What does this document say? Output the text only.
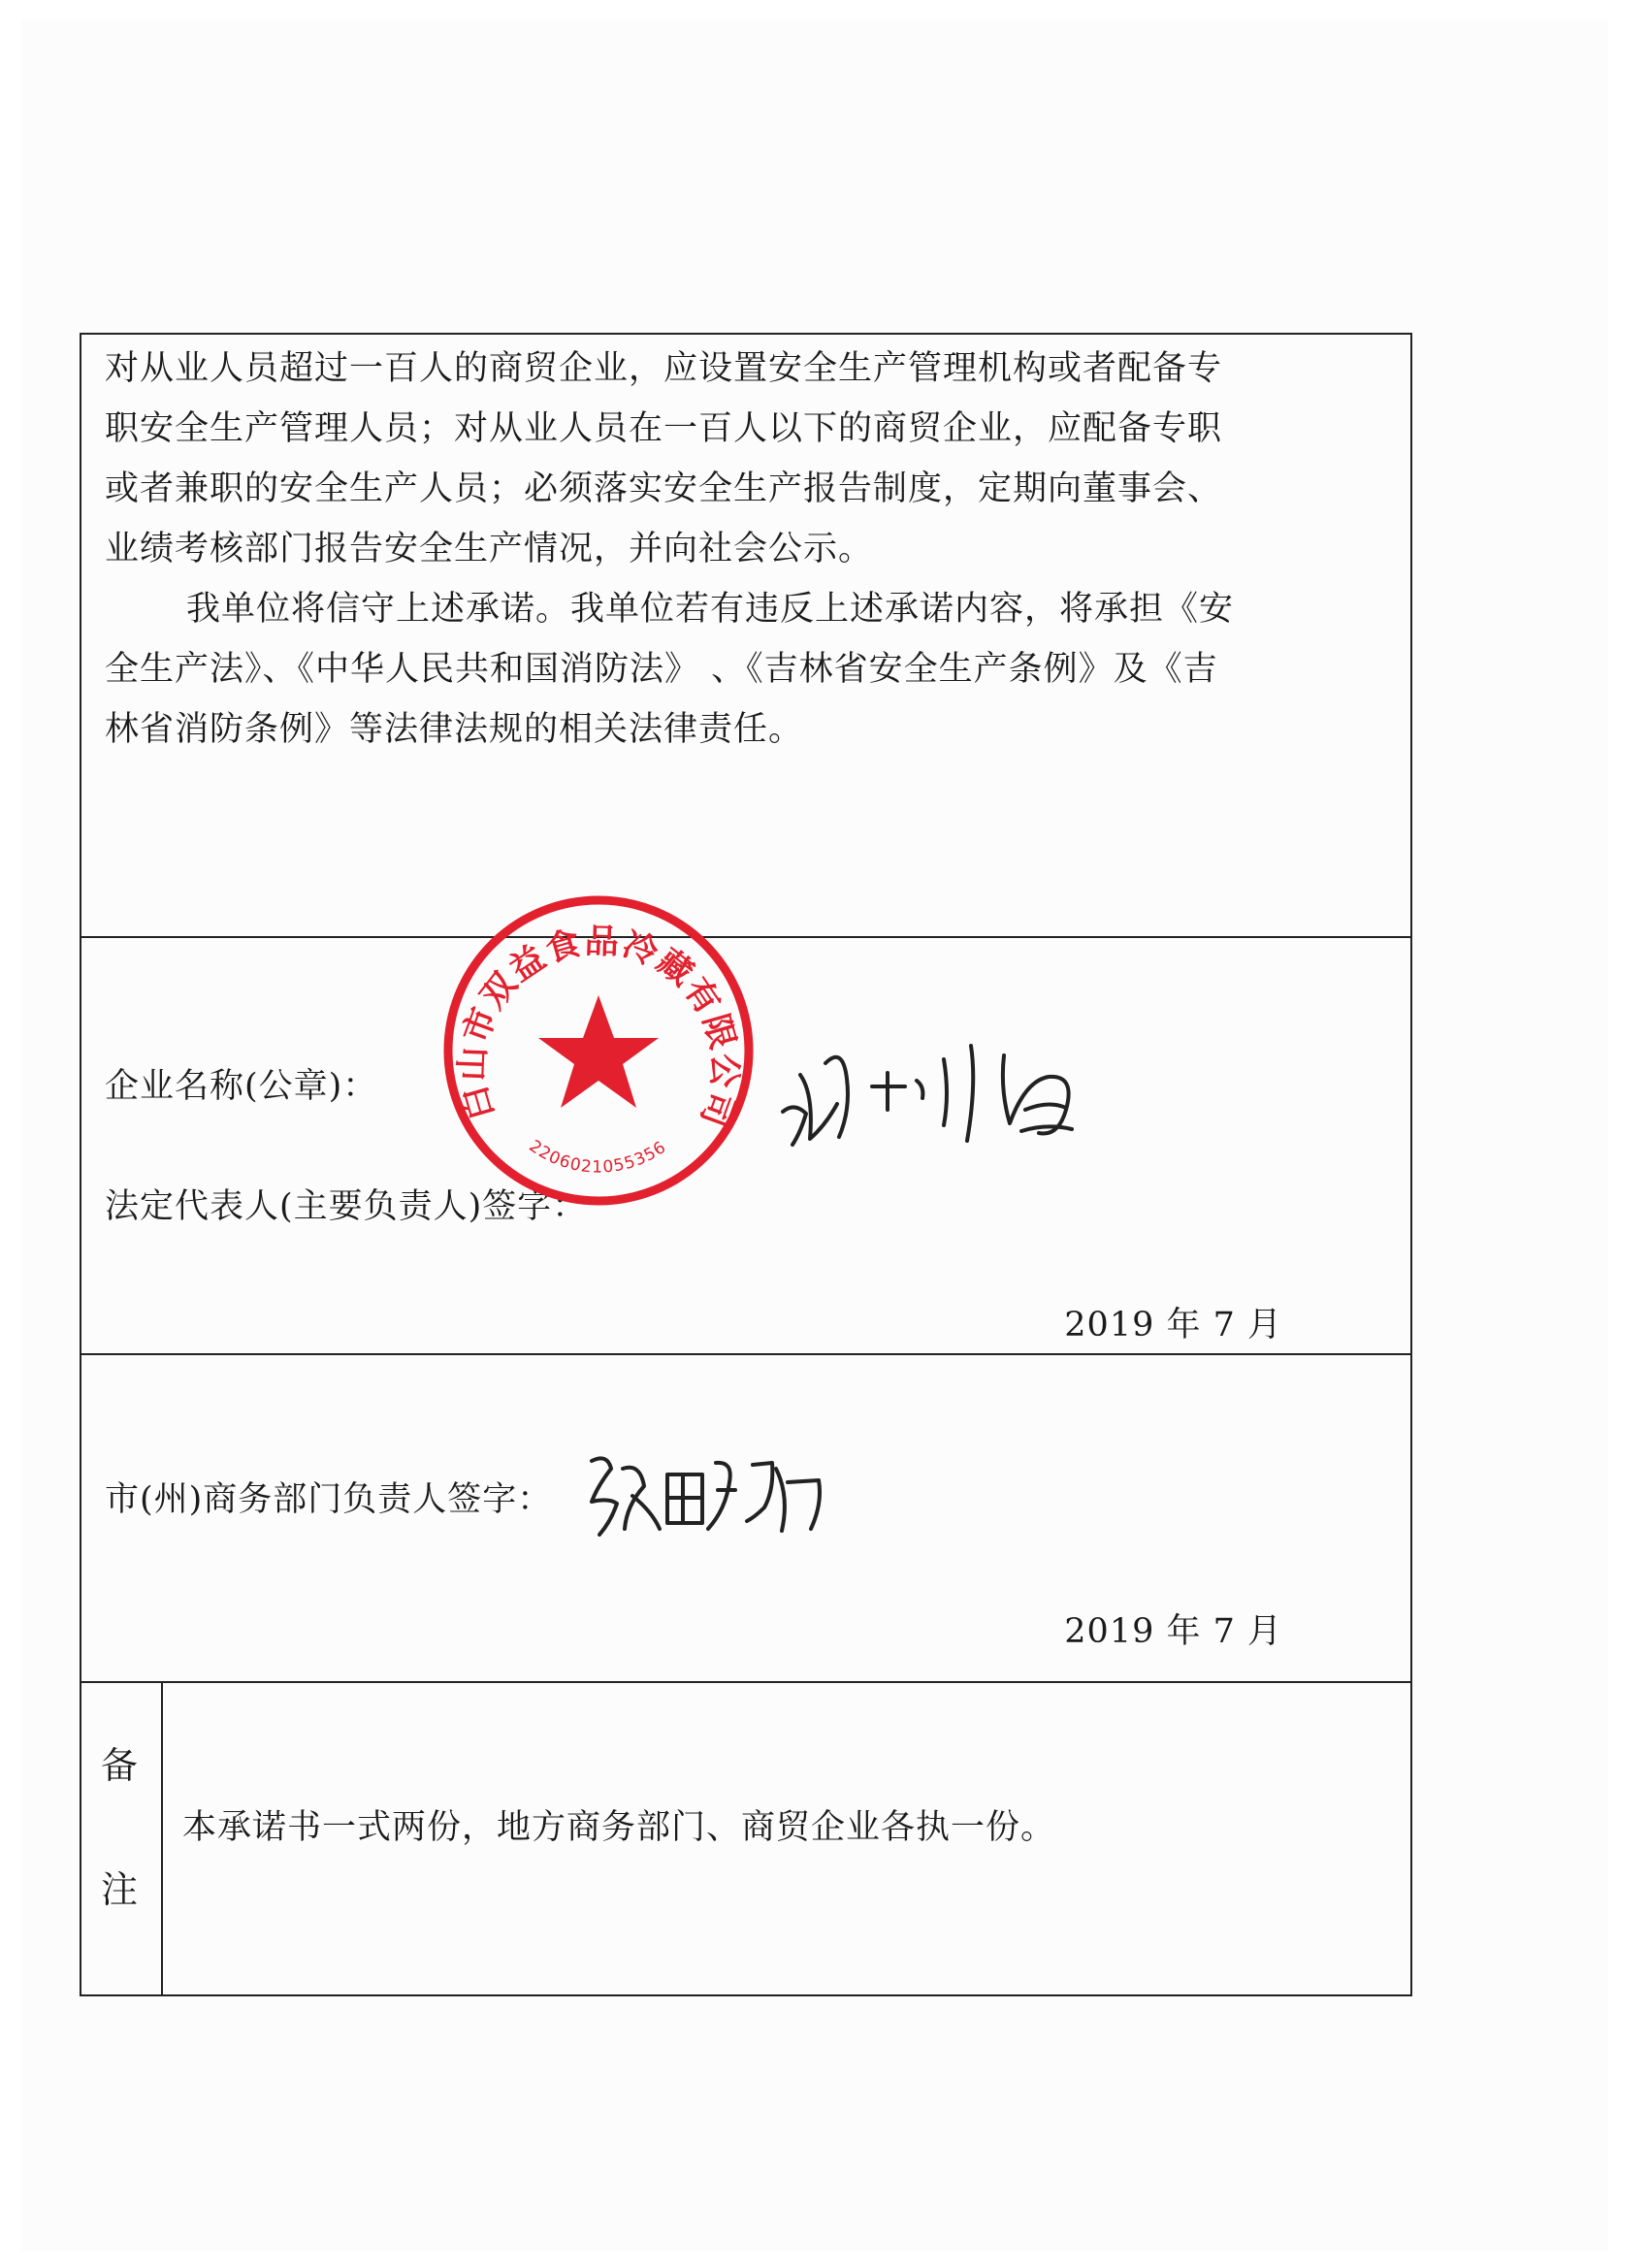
对从业人员超过一百人的商贸企业，应设置安全生产管理机构或者配备专
职安全生产管理人员；对从业人员在一百人以下的商贸企业，应配备专职
或者兼职的安全生产人员；必须落实安全生产报告制度，定期向董事会、
业绩考核部门报告安全生产情况，并向社会公示。
我单位将信守上述承诺。我单位若有违反上述承诺内容，将承担《安
全生产法》、《中华人民共和国消防法》 、《吉林省安全生产条例》及《吉
林省消防条例》等法律法规的相关法律责任。
企业名称(公章)：
法定代表人(主要负责人)签字：
2019 年 7 月
市(州)商务部门负责人签字：
2019 年 7 月
备
注
本承诺书一式两份，地方商务部门、商贸企业各执一份。
白山市双益食品冷藏有限公司
2206021055356
